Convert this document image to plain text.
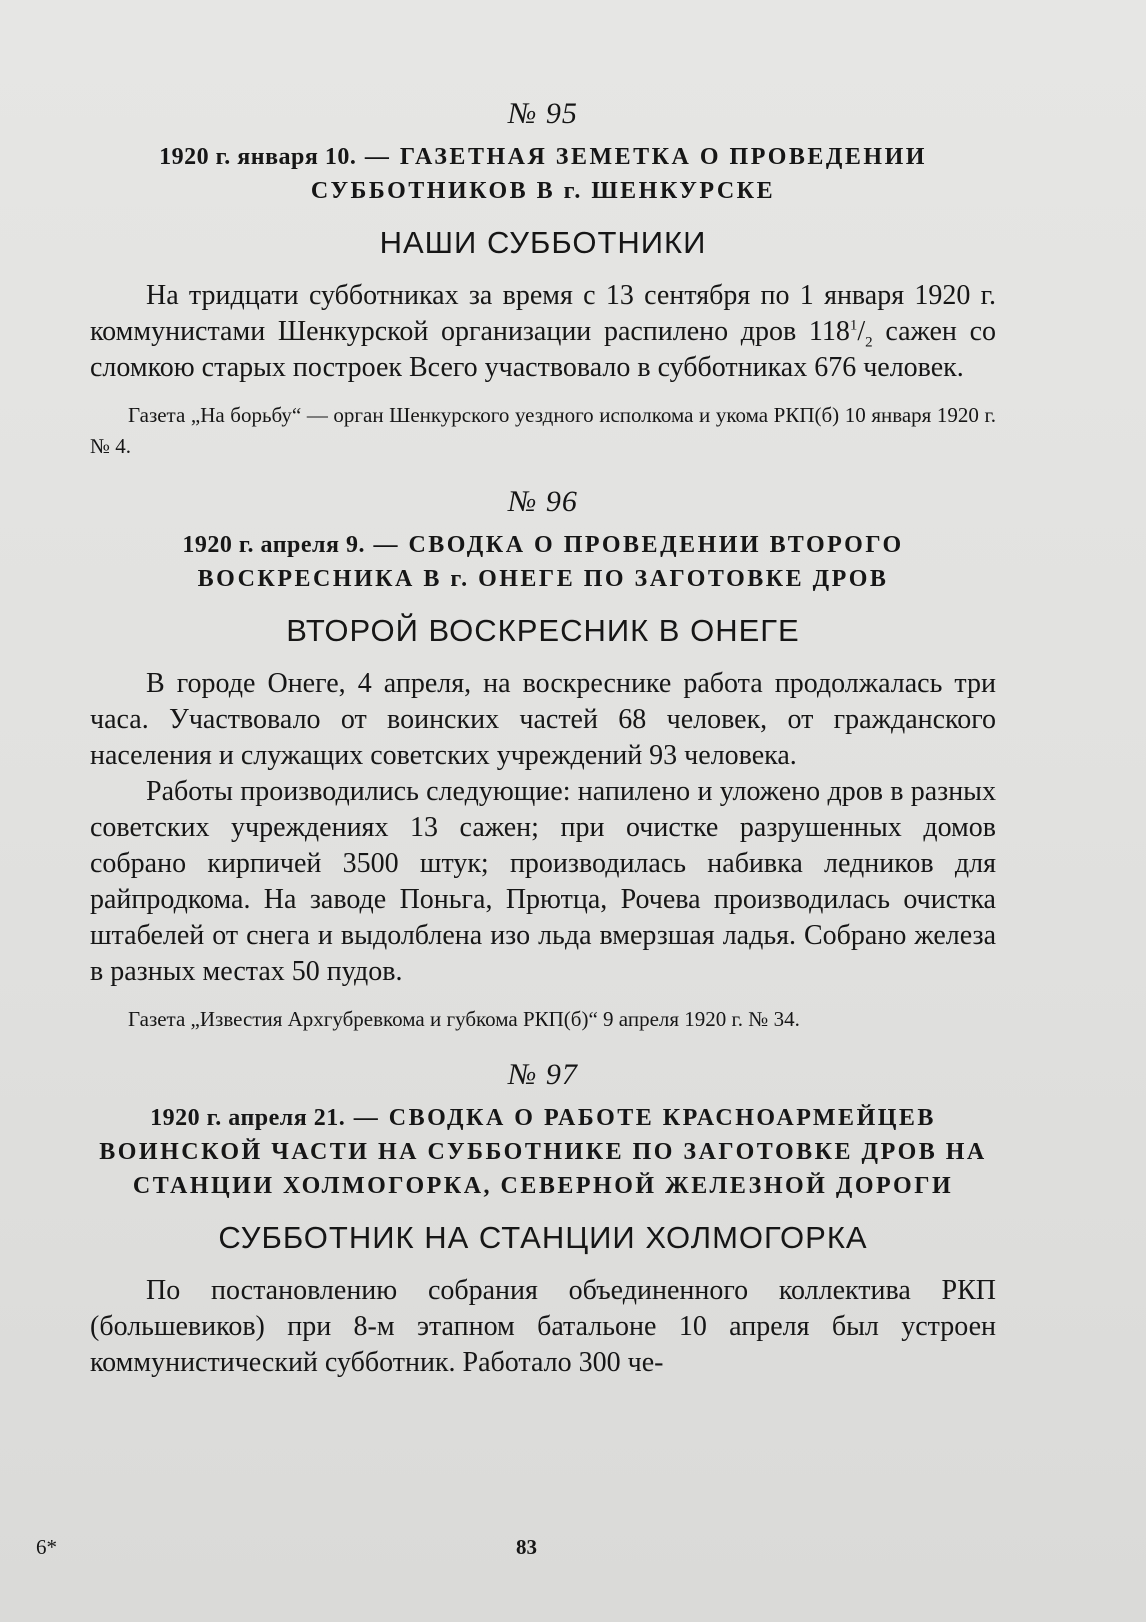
№ 95
1920 г. января 10. — ГАЗЕТНАЯ ЗЕМЕТКА О ПРОВЕДЕНИИ СУББОТНИКОВ В г. ШЕНКУРСКЕ
НАШИ СУББОТНИКИ

На тридцати субботниках за время с 13 сентября по 1 января 1920 г. коммунистами Шенкурской организации распилено дров $118^1/_2$ сажен со сломкою старых построек Всего участвовало в субботниках 676 человек.

Газета „На борьбу“ — орган Шенкурского уездного исполкома и укома РКП(б) 10 января 1920 г. № 4.

№ 96
1920 г. апреля 9. — СВОДКА О ПРОВЕДЕНИИ ВТОРОГО ВОСКРЕСНИКА В г. ОНЕГЕ ПО ЗАГОТОВКЕ ДРОВ
ВТОРОЙ ВОСКРЕСНИК В ОНЕГЕ

В городе Онеге, 4 апреля, на воскреснике работа продолжалась три часа. Участвовало от воинских частей 68 человек, от гражданского населения и служащих советских учреждений 93 человека.

Работы производились следующие: напилено и уложено дров в разных советских учреждениях 13 сажен; при очистке разрушенных домов собрано кирпичей 3500 штук; производилась набивка ледников для райпродкома. На заводе Поньга, Прютца, Рочева производилась очистка штабелей от снега и выдолблена изо льда вмерзшая ладья. Собрано железа в разных местах 50 пудов.

Газета „Известия Архгубревкома и губкома РКП(б)“ 9 апреля 1920 г. № 34.

№ 97
1920 г. апреля 21. — СВОДКА О РАБОТЕ КРАСНОАРМЕЙЦЕВ ВОИНСКОЙ ЧАСТИ НА СУББОТНИКЕ ПО ЗАГОТОВКЕ ДРОВ НА СТАНЦИИ ХОЛМОГОРКА, СЕВЕРНОЙ ЖЕЛЕЗНОЙ ДОРОГИ
СУББОТНИК НА СТАНЦИИ ХОЛМОГОРКА

По постановлению собрания объединенного коллектива РКП (большевиков) при 8-м этапном батальоне 10 апреля был устроен коммунистический субботник. Работало 300 че-

6*	83
